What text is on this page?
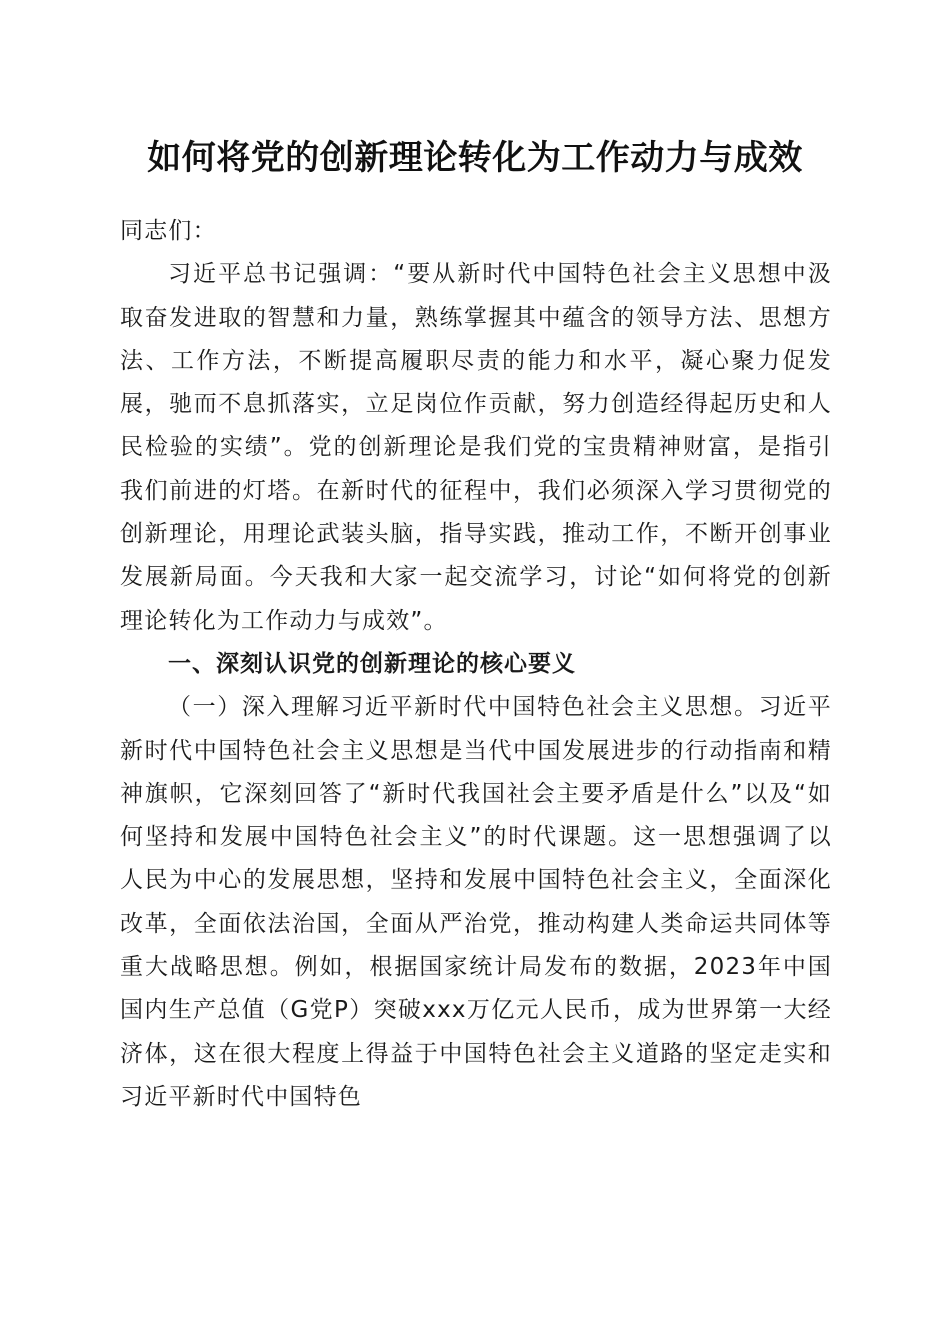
如何将党的创新理论转化为工作动力与成效

同志们：

习近平总书记强调：“要从新时代中国特色社会主义思想中汲取奋发进取的智慧和力量，熟练掌握其中蕴含的领导方法、思想方法、工作方法，不断提高履职尽责的能力和水平，凝心聚力促发展，驰而不息抓落实，立足岗位作贡献，努力创造经得起历史和人民检验的实绩”。党的创新理论是我们党的宝贵精神财富，是指引我们前进的灯塔。在新时代的征程中，我们必须深入学习贯彻党的创新理论，用理论武装头脑，指导实践，推动工作，不断开创事业发展新局面。今天我和大家一起交流学习，讨论“如何将党的创新理论转化为工作动力与成效”。

一、深刻认识党的创新理论的核心要义

（一）深入理解习近平新时代中国特色社会主义思想。习近平新时代中国特色社会主义思想是当代中国发展进步的行动指南和精神旗帜，它深刻回答了“新时代我国社会主要矛盾是什么”以及“如何坚持和发展中国特色社会主义”的时代课题。这一思想强调了以人民为中心的发展思想，坚持和发展中国特色社会主义，全面深化改革，全面依法治国，全面从严治党，推动构建人类命运共同体等重大战略思想。例如，根据国家统计局发布的数据，2023年中国国内生产总值（G党P）突破xxx万亿元人民币，成为世界第一大经济体，这在很大程度上得益于中国特色社会主义道路的坚定走实和习近平新时代中国特色
